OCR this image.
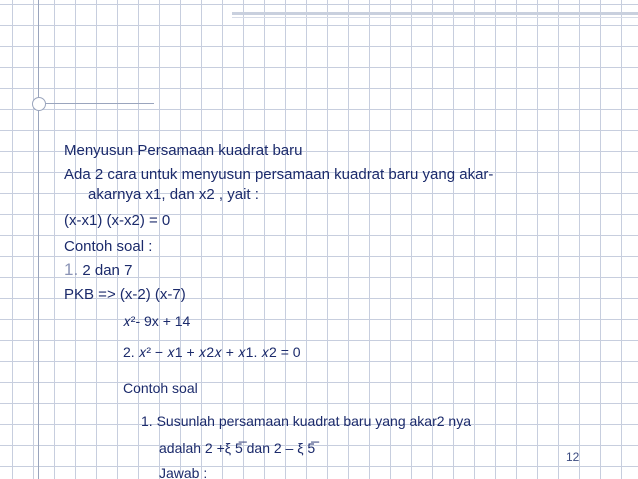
Menyusun Persamaan kuadrat baru
Ada 2 cara untuk menyusun persamaan kuadrat baru yang akar-
akarnya x1, dan x2 , yait :
(x-x1) (x-x2) = 0
Contoh soal :
1. 2 dan 7
PKB => (x-2) (x-7)
𝑥²- 9x + 14
2. 𝑥² − 𝑥1 + 𝑥2𝑥 + 𝑥1. 𝑥2 = 0
Contoh soal
1. Susunlah persamaan kuadrat baru yang akar2 nya
adalah 2 +ξ 5̅ dan 2 – ξ 5̅
Jawab :
12
